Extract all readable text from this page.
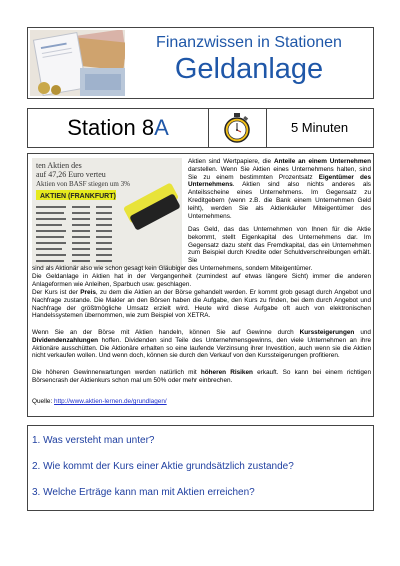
Finanzwissen in Stationen
Geldanlage
Station 8A	5 Minuten
ten Aktien des
auf 47,26 Euro verteu
Aktien von BASF stiegen um 3%
AKTIEN (FRANKFURT)

Aktien sind Wertpapiere, die Anteile an einem Unternehmen darstellen. Wenn Sie Aktien eines Unternehmens halten, sind Sie zu einem bestimmten Prozentsatz Eigentümer des Unternehmens. Aktien sind also nichts anderes als Anteilsscheine eines Unternehmens. Im Gegensatz zu Kreditgebern (wenn z.B. die Bank einem Unternehmen Geld leiht), werden Sie als Aktienkäufer Miteigentümer des Unternehmens.

Das Geld, das das Unternehmen von Ihnen für die Aktie bekommt, stellt Eigenkapital des Unternehmens dar. Im Gegensatz dazu steht das Fremdkapital, das ein Unternehmen zum Beispiel durch Kredite oder Schuldverschreibungen erhält. Sie

sind als Aktionär also wie schon gesagt kein Gläubiger des Unternehmens, sondern Miteigentümer.

Die Geldanlage in Aktien hat in der Vergangenheit (zumindest auf etwas längere Sicht) immer die anderen Anlageformen wie Anleihen, Sparbuch usw. geschlagen.

Der Kurs ist der Preis, zu dem die Aktien an der Börse gehandelt werden. Er kommt grob gesagt durch Angebot und Nachfrage zustande. Die Makler an den Börsen haben die Aufgabe, den Kurs zu finden, bei dem durch Angebot und Nachfrage der größtmögliche Umsatz erzielt wird. Heute wird diese Aufgabe oft auch von elektronischen Handelssystemen übernommen, wie zum Beispiel von XETRA.

Wenn Sie an der Börse mit Aktien handeln, können Sie auf Gewinne durch Kurssteigerungen und Dividendenzahlungen hoffen. Dividenden sind Teile des Unternehmensgewinns, den viele Unternehmen an ihre Aktionäre ausschütten. Die Aktionäre erhalten so eine laufende Verzinsung ihrer Investition, auch wenn sie die Aktien nicht verkaufen wollen. Und wenn doch, können sie durch den Verkauf von den Kurssteigerungen profitieren.

Die höheren Gewinnerwartungen werden natürlich mit höheren Risiken erkauft. So kann bei einem richtigen Börsencrash der Aktienkurs schon mal um 50% oder mehr einbrechen.

Quelle: http://www.aktien-lernen.de/grundlagen/
1. Was versteht man unter?
2. Wie kommt der Kurs einer Aktie grundsätzlich zustande?
3. Welche Erträge kann man mit Aktien erreichen?
